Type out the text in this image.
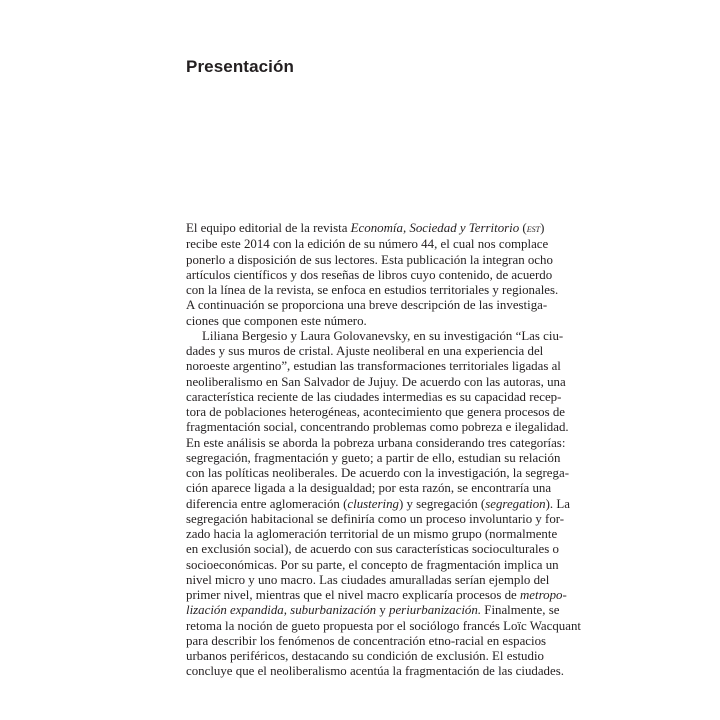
Presentación

El equipo editorial de la revista Economía, Sociedad y Territorio (est)
recibe este 2014 con la edición de su número 44, el cual nos complace
ponerlo a disposición de sus lectores. Esta publicación la integran ocho
artículos científicos y dos reseñas de libros cuyo contenido, de acuerdo
con la línea de la revista, se enfoca en estudios territoriales y regionales.
A continuación se proporciona una breve descripción de las investiga-
ciones que componen este número.

Liliana Bergesio y Laura Golovanevsky, en su investigación “Las ciu-
dades y sus muros de cristal. Ajuste neoliberal en una experiencia del
noroeste argentino”, estudian las transformaciones territoriales ligadas al
neoliberalismo en San Salvador de Jujuy. De acuerdo con las autoras, una
característica reciente de las ciudades intermedias es su capacidad recep-
tora de poblaciones heterogéneas, acontecimiento que genera procesos de
fragmentación social, concentrando problemas como pobreza e ilegalidad.
En este análisis se aborda la pobreza urbana considerando tres categorías:
segregación, fragmentación y gueto; a partir de ello, estudian su relación
con las políticas neoliberales. De acuerdo con la investigación, la segrega-
ción aparece ligada a la desigualdad; por esta razón, se encontraría una
diferencia entre aglomeración (clustering) y segregación (segregation). La
segregación habitacional se definiría como un proceso involuntario y for-
zado hacia la aglomeración territorial de un mismo grupo (normalmente
en exclusión social), de acuerdo con sus características socioculturales o
socioeconómicas. Por su parte, el concepto de fragmentación implica un
nivel micro y uno macro. Las ciudades amuralladas serían ejemplo del
primer nivel, mientras que el nivel macro explicaría procesos de metropo-
lización expandida, suburbanización y periurbanización. Finalmente, se
retoma la noción de gueto propuesta por el sociólogo francés Loïc Wacquant
para describir los fenómenos de concentración etno-racial en espacios
urbanos periféricos, destacando su condición de exclusión. El estudio
concluye que el neoliberalismo acentúa la fragmentación de las ciudades.
